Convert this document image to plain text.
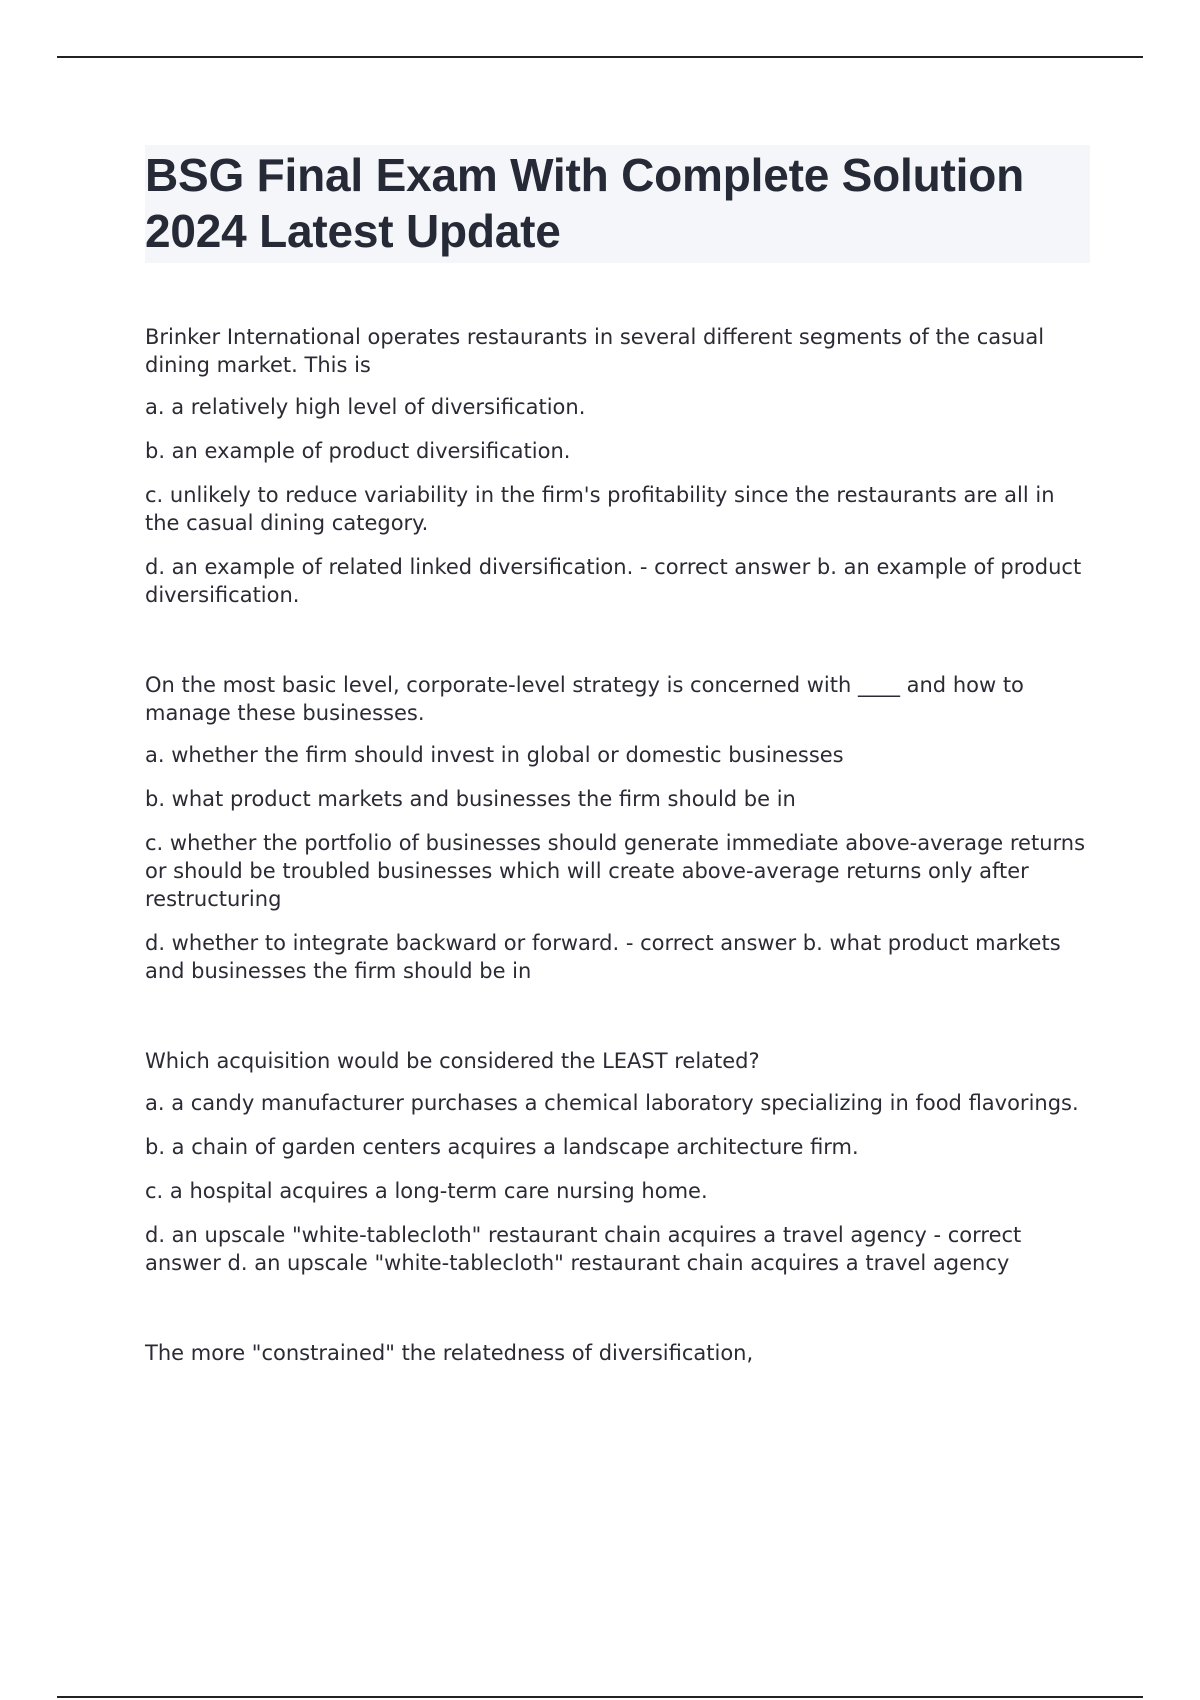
BSG Final Exam With Complete Solution 2024 Latest Update

Brinker International operates restaurants in several different segments of the casual dining market. This is

a. a relatively high level of diversification.

b. an example of product diversification.

c. unlikely to reduce variability in the firm's profitability since the restaurants are all in the casual dining category.

d. an example of related linked diversification. - correct answer b. an example of product diversification.

On the most basic level, corporate-level strategy is concerned with ____ and how to manage these businesses.

a. whether the firm should invest in global or domestic businesses

b. what product markets and businesses the firm should be in

c. whether the portfolio of businesses should generate immediate above-average returns or should be troubled businesses which will create above-average returns only after restructuring

d. whether to integrate backward or forward. - correct answer b. what product markets and businesses the firm should be in

Which acquisition would be considered the LEAST related?

a. a candy manufacturer purchases a chemical laboratory specializing in food flavorings.

b. a chain of garden centers acquires a landscape architecture firm.

c. a hospital acquires a long-term care nursing home.

d. an upscale "white-tablecloth" restaurant chain acquires a travel agency - correct answer d. an upscale "white-tablecloth" restaurant chain acquires a travel agency

The more "constrained" the relatedness of diversification,
